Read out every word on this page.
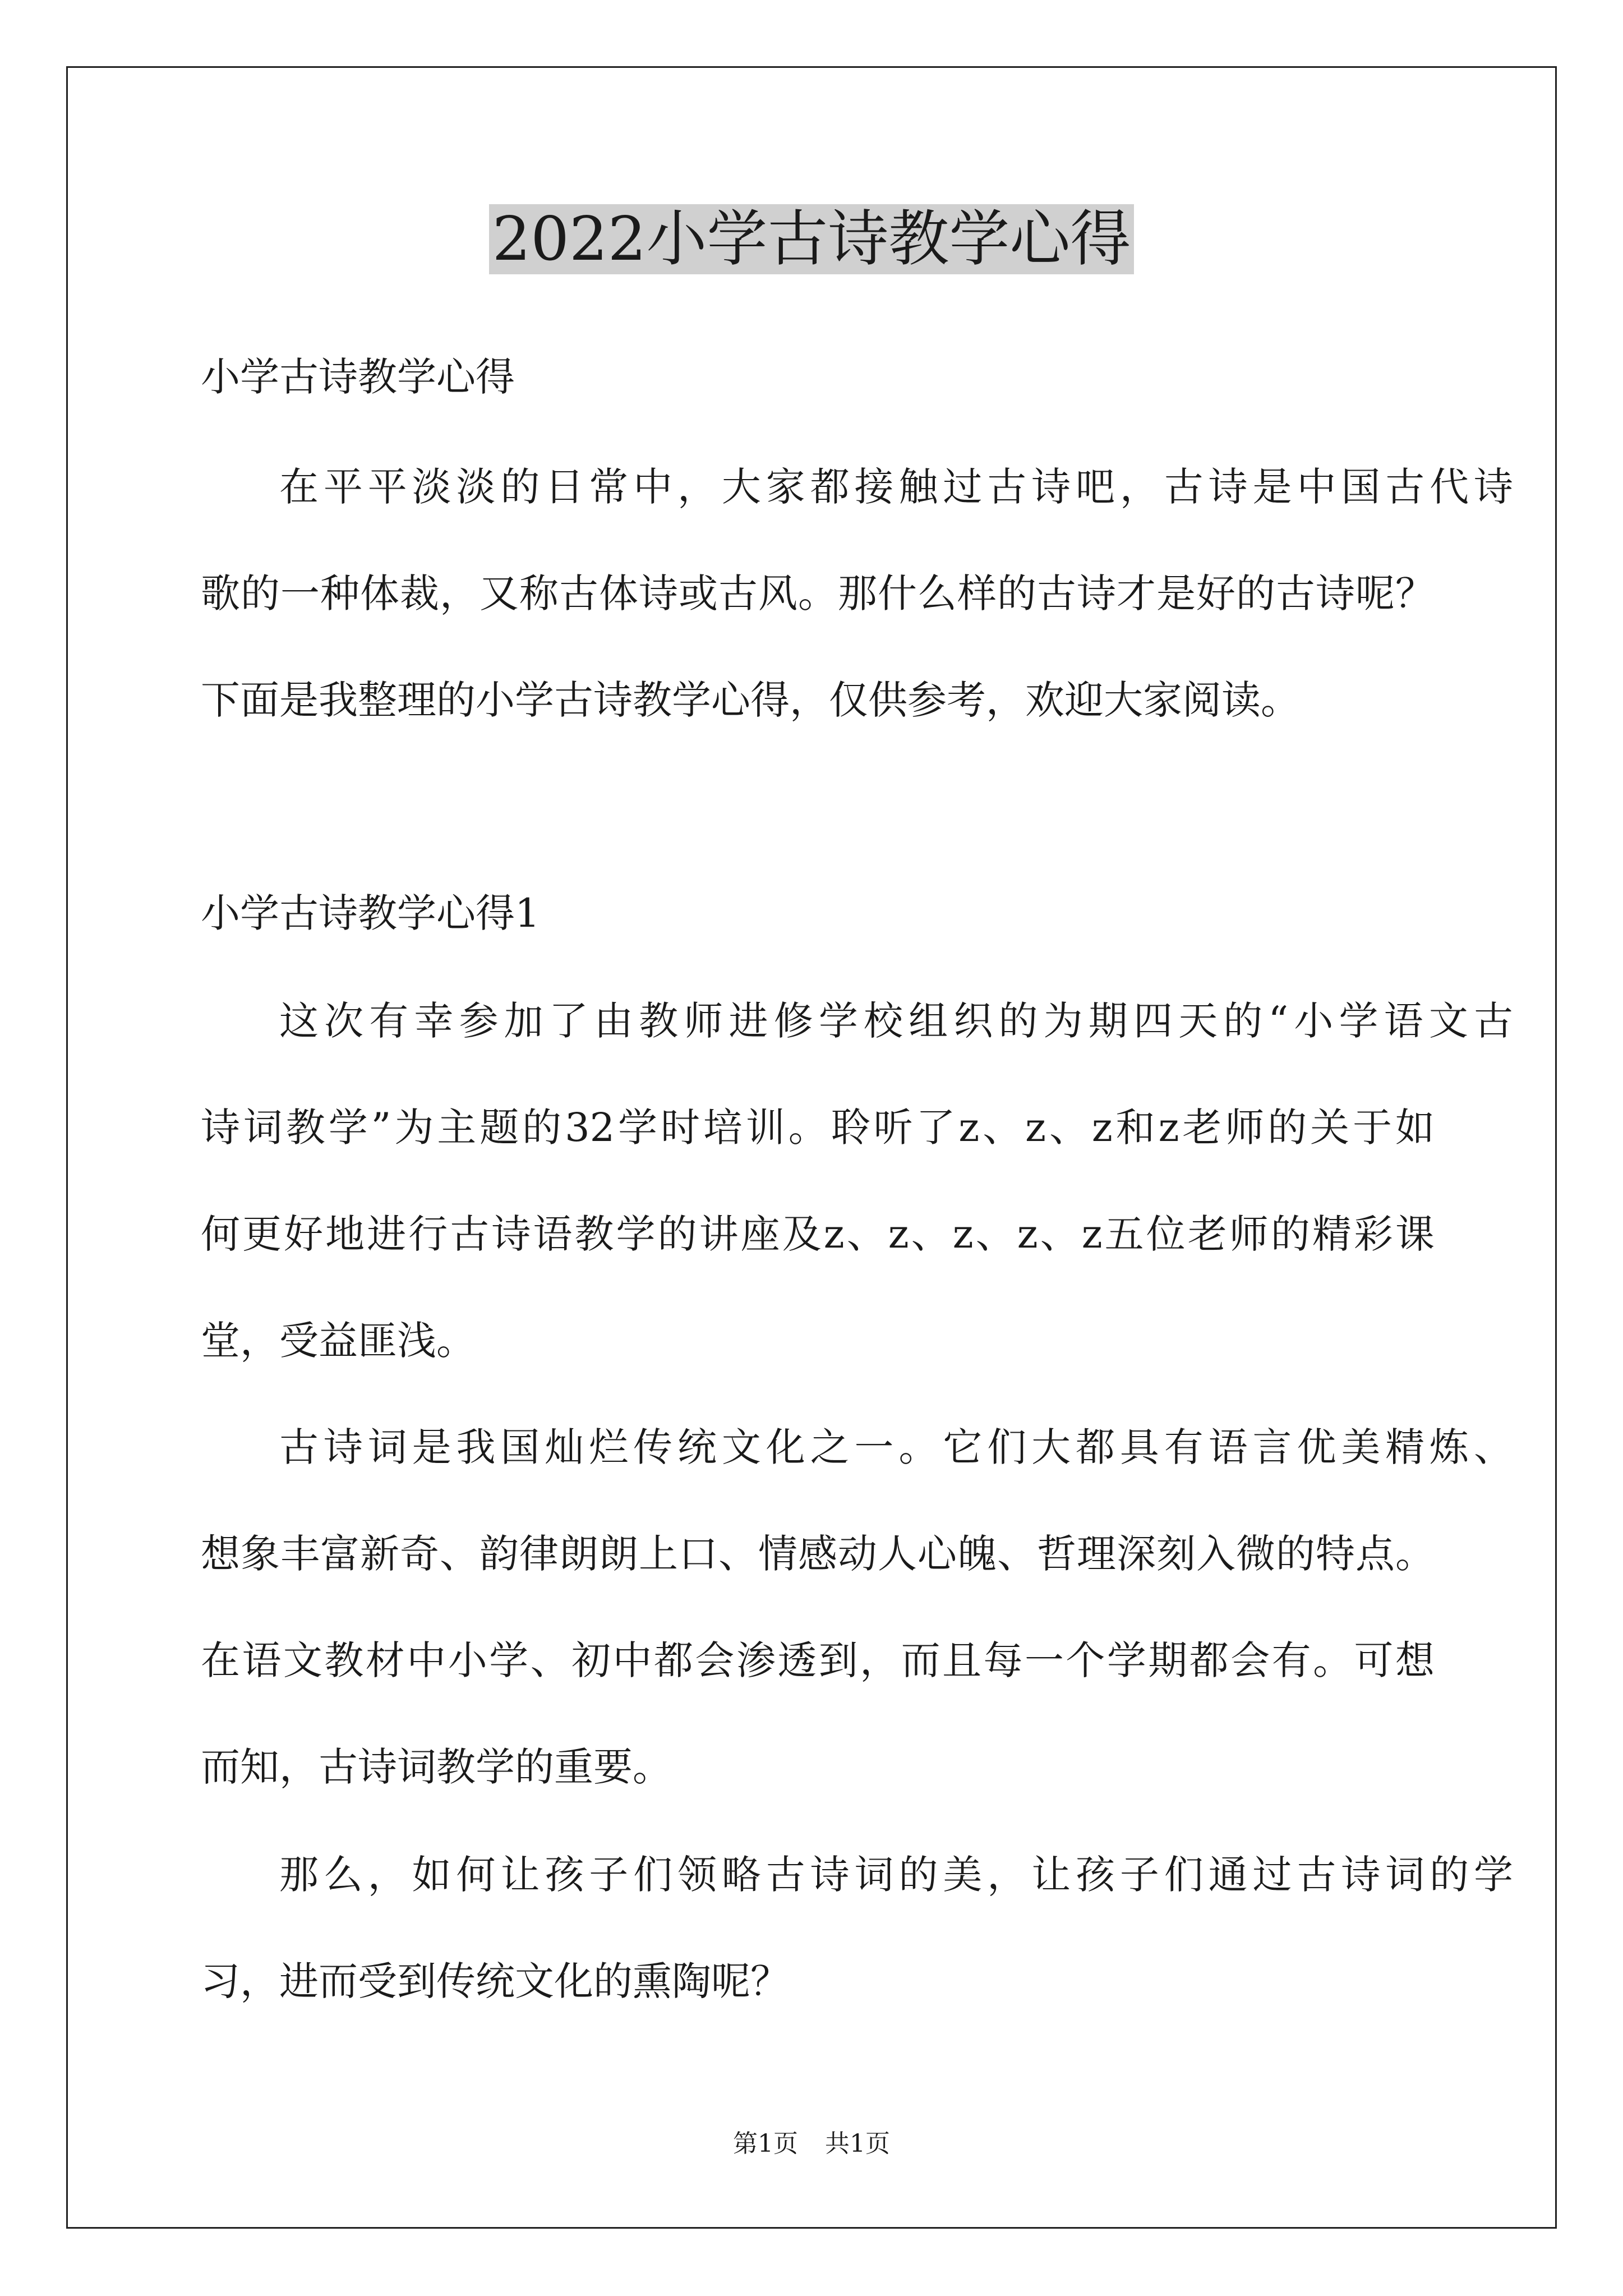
2022小学古诗教学心得
小学古诗教学心得

在平平淡淡的日常中，大家都接触过古诗吧，古诗是中国古代诗

歌的一种体裁，又称古体诗或古风。那什么样的古诗才是好的古诗呢？

下面是我整理的小学古诗教学心得，仅供参考，欢迎大家阅读。

小学古诗教学心得1

这次有幸参加了由教师进修学校组织的为期四天的“小学语文古

诗词教学”为主题的32学时培训。聆听了z、z、z和z老师的关于如

何更好地进行古诗语教学的讲座及z、z、z、z、z五位老师的精彩课

堂，受益匪浅。

古诗词是我国灿烂传统文化之一。它们大都具有语言优美精炼、

想象丰富新奇、韵律朗朗上口、情感动人心魄、哲理深刻入微的特点。

在语文教材中小学、初中都会渗透到，而且每一个学期都会有。可想

而知，古诗词教学的重要。

那么，如何让孩子们领略古诗词的美，让孩子们通过古诗词的学

习，进而受到传统文化的熏陶呢？

第1页 共1页
